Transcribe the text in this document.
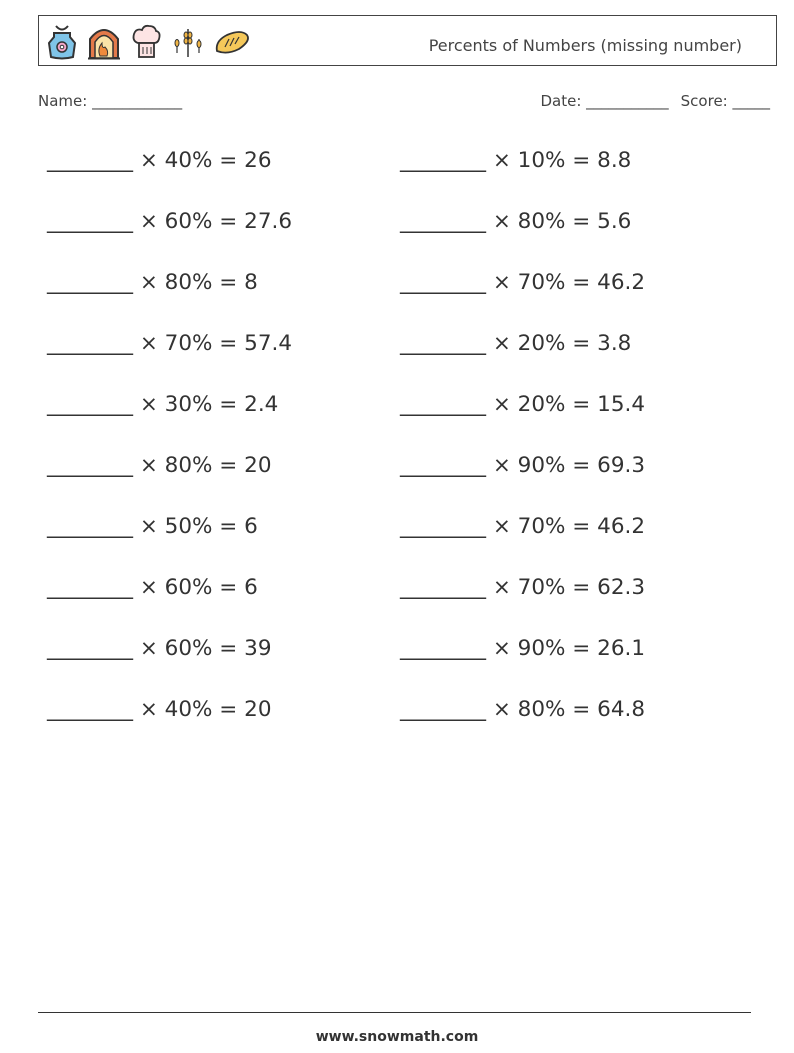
Percents of Numbers (missing number)
Name: ____________	Date: ___________ Score: _____
________ × 40% = 26
________ × 60% = 27.6
________ × 80% = 8
________ × 70% = 57.4
________ × 30% = 2.4
________ × 80% = 20
________ × 50% = 6
________ × 60% = 6
________ × 60% = 39
________ × 40% = 20
________ × 10% = 8.8
________ × 80% = 5.6
________ × 70% = 46.2
________ × 20% = 3.8
________ × 20% = 15.4
________ × 90% = 69.3
________ × 70% = 46.2
________ × 70% = 62.3
________ × 90% = 26.1
________ × 80% = 64.8
www.snowmath.com
